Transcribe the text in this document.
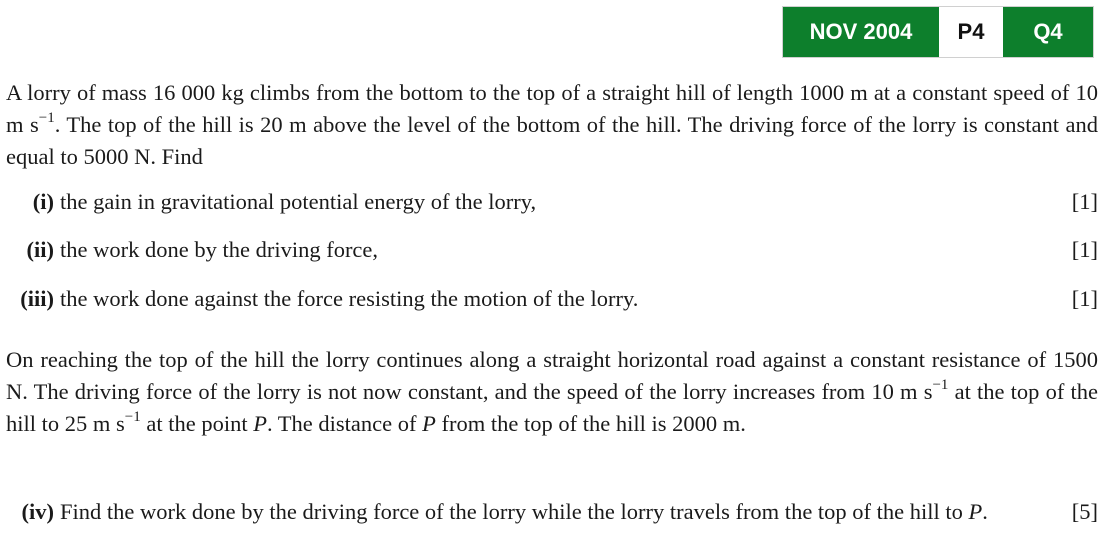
NOV 2004	P4	Q4
A lorry of mass 16 000 kg climbs from the bottom to the top of a straight hill of length 1000 m at a constant speed of 10 m $s^{-1}$. The top of the hill is 20 m above the level of the bottom of the hill. The driving force of the lorry is constant and equal to 5000 N. Find
(i) the gain in gravitational potential energy of the lorry,	[1]
(ii) the work done by the driving force,	[1]
(iii) the work done against the force resisting the motion of the lorry.	[1]
On reaching the top of the hill the lorry continues along a straight horizontal road against a constant resistance of 1500 N. The driving force of the lorry is not now constant, and the speed of the lorry increases from 10 m $s^{-1}$ at the top of the hill to 25 m $s^{-1}$ at the point P. The distance of P from the top of the hill is 2000 m.
(iv) Find the work done by the driving force of the lorry while the lorry travels from the top of the hill to P.	[5]
